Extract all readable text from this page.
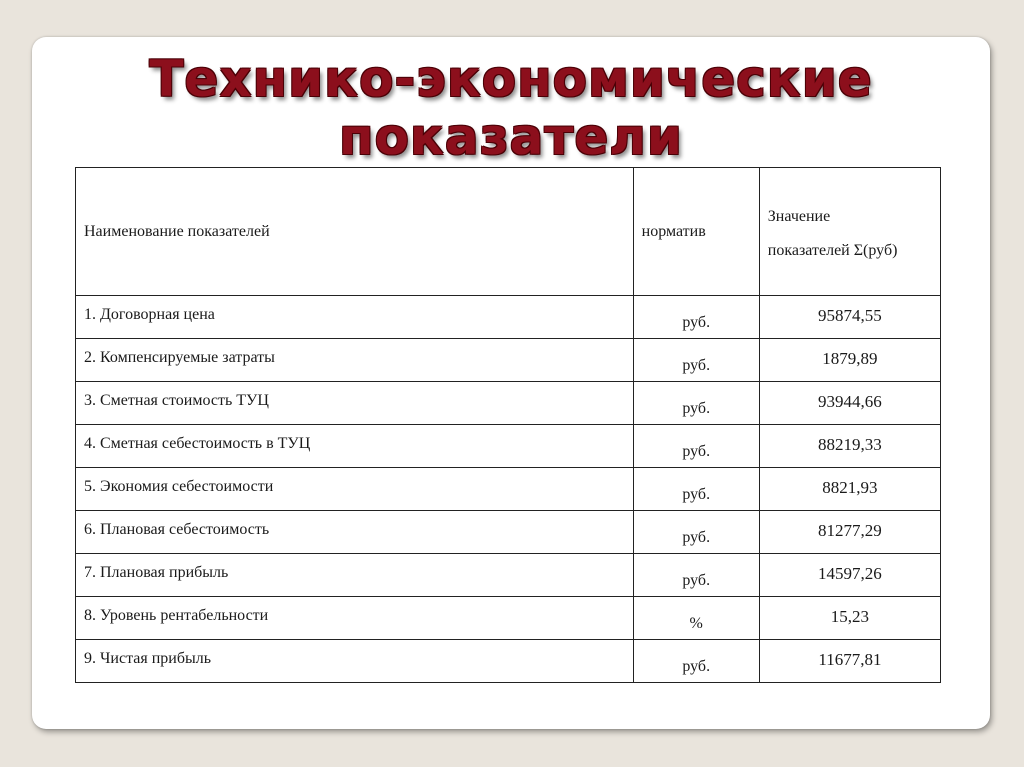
Технико-экономические
показатели
Наименование показателей	норматив	Значение
показателей Σ(руб)
1. Договорная цена	руб.	95874,55
2. Компенсируемые затраты	руб.	1879,89
3. Сметная стоимость ТУЦ	руб.	93944,66
4. Сметная себестоимость в ТУЦ	руб.	88219,33
5. Экономия себестоимости	руб.	8821,93
6. Плановая себестоимость	руб.	81277,29
7. Плановая прибыль	руб.	14597,26
8. Уровень рентабельности	%	15,23
9. Чистая прибыль	руб.	11677,81
